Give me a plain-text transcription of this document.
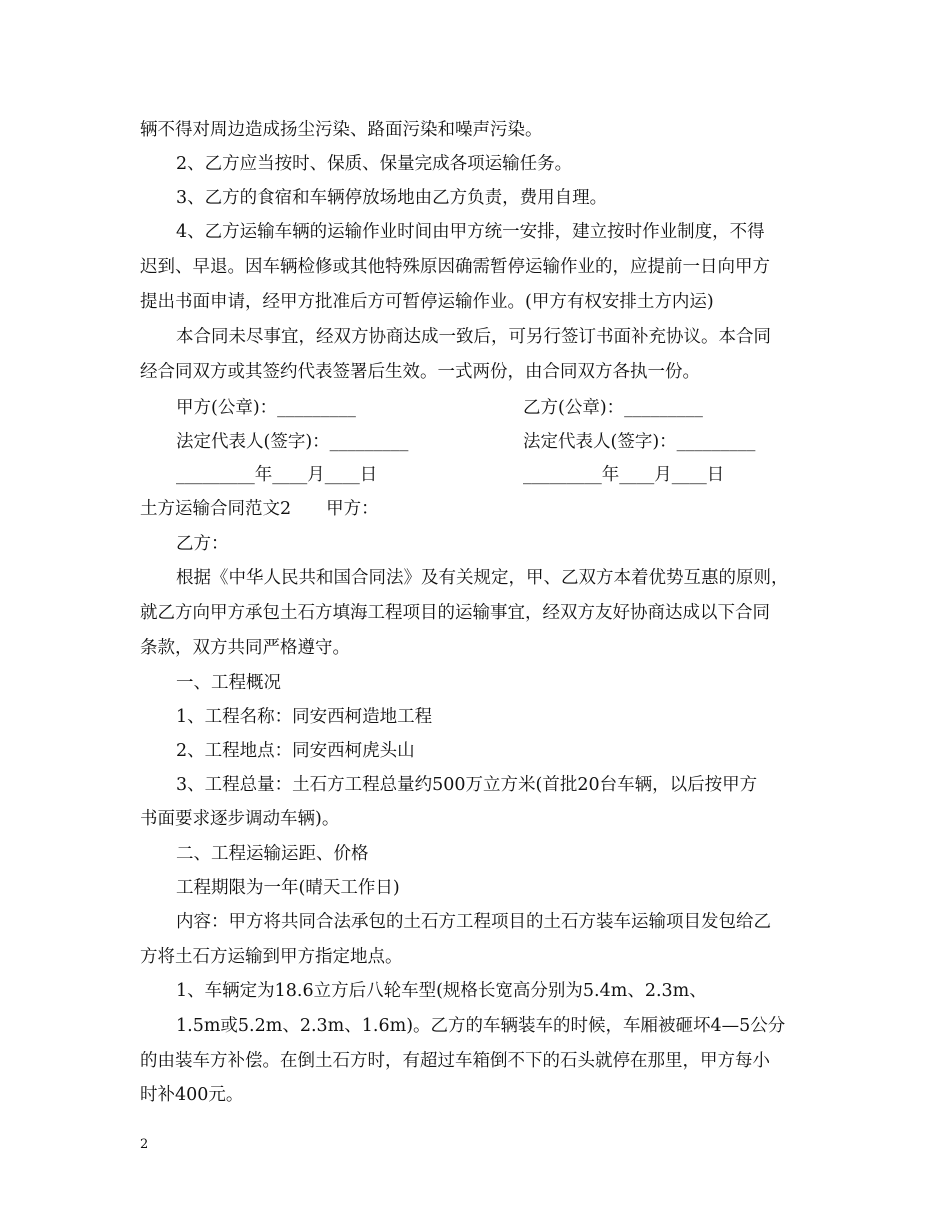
辆不得对周边造成扬尘污染、路面污染和噪声污染。
2、乙方应当按时、保质、保量完成各项运输任务。
3、乙方的食宿和车辆停放场地由乙方负责，费用自理。
4、乙方运输车辆的运输作业时间由甲方统一安排，建立按时作业制度，不得
迟到、早退。因车辆检修或其他特殊原因确需暂停运输作业的，应提前一日向甲方
提出书面申请，经甲方批准后方可暂停运输作业。(甲方有权安排土方内运)
本合同未尽事宜，经双方协商达成一致后，可另行签订书面补充协议。本合同
经合同双方或其签约代表签署后生效。一式两份，由合同双方各执一份。
甲方(公章)：_________	乙方(公章)：_________
法定代表人(签字)：_________	法定代表人(签字)：_________
_________年____月____日	_________年____月____日
土方运输合同范文2　　甲方：
乙方：
根据《中华人民共和国合同法》及有关规定，甲、乙双方本着优势互惠的原则，
就乙方向甲方承包土石方填海工程项目的运输事宜，经双方友好协商达成以下合同
条款，双方共同严格遵守。
一、工程概况
1、工程名称：同安西柯造地工程
2、工程地点：同安西柯虎头山
3、工程总量：土石方工程总量约500万立方米(首批20台车辆，以后按甲方
书面要求逐步调动车辆)。
二、工程运输运距、价格
工程期限为一年(晴天工作日)
内容：甲方将共同合法承包的土石方工程项目的土石方装车运输项目发包给乙
方将土石方运输到甲方指定地点。
1、车辆定为18.6立方后八轮车型(规格长宽高分别为5.4m、2.3m、
1.5m或5.2m、2.3m、1.6m)。乙方的车辆装车的时候，车厢被砸坏4—5公分
的由装车方补偿。在倒土石方时，有超过车箱倒不下的石头就停在那里，甲方每小
时补400元。
2
